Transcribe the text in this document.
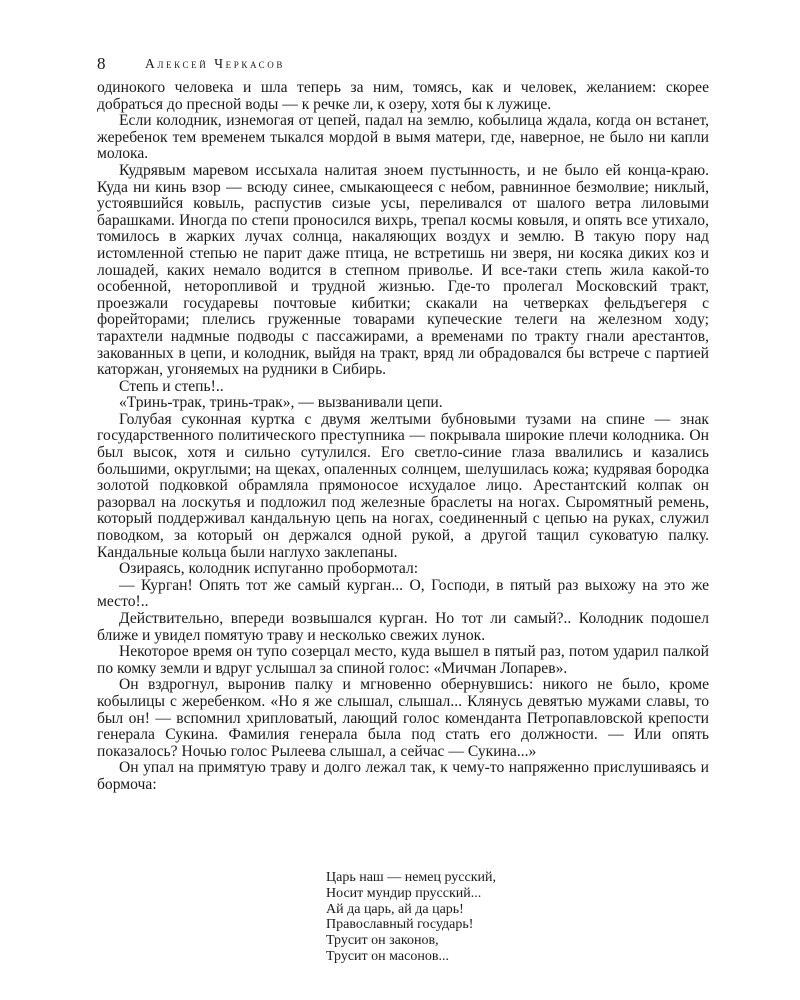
8	Алексей Черкасов

одинокого человека и шла теперь за ним, томясь, как и человек, желанием: скорее добраться до пресной воды — к речке ли, к озеру, хотя бы к лужице.

Если колодник, изнемогая от цепей, падал на землю, кобылица ждала, когда он встанет, жеребенок тем временем тыкался мордой в вымя матери, где, наверное, не было ни капли молока.

Кудрявым маревом иссыхала налитая зноем пустынность, и не было ей конца-краю. Куда ни кинь взор — всюду синее, смыкающееся с небом, равнинное безмолвие; никлый, устоявшийся ковыль, распустив сизые усы, переливался от шалого ветра лиловыми барашками. Иногда по степи проносился вихрь, трепал космы ковыля, и опять все утихало, томилось в жарких лучах солнца, накаляющих воздух и землю. В такую пору над истомленной степью не парит даже птица, не встретишь ни зверя, ни косяка диких коз и лошадей, каких немало водится в степном приволье. И все-таки степь жила какой-то особенной, неторопливой и трудной жизнью. Где-то пролегал Московский тракт, проезжали государевы почтовые кибитки; скакали на четверках фельдъегеря с форейторами; плелись груженные товарами купеческие телеги на железном ходу; тарахтели надмные подводы с пассажирами, а временами по тракту гнали арестантов, закованных в цепи, и колодник, выйдя на тракт, вряд ли обрадовался бы встрече с партией каторжан, угоняемых на рудники в Сибирь.

Степь и степь!..

«Тринь-трак, тринь-трак», — вызванивали цепи.

Голубая суконная куртка с двумя желтыми бубновыми тузами на спине — знак государственного политического преступника — покрывала широкие плечи колодника. Он был высок, хотя и сильно сутулился. Его светло-синие глаза ввалились и казались большими, округлыми; на щеках, опаленных солнцем, шелушилась кожа; кудрявая бородка золотой подковкой обрамляла прямоносое исхудалое лицо. Арестантский колпак он разорвал на лоскутья и подложил под железные браслеты на ногах. Сыромятный ремень, который поддерживал кандальную цепь на ногах, соединенный с цепью на руках, служил поводком, за который он держался одной рукой, а другой тащил суковатую палку. Кандальные кольца были наглухо заклепаны.

Озираясь, колодник испуганно пробормотал:

— Курган! Опять тот же самый курган... О, Господи, в пятый раз выхожу на это же место!..

Действительно, впереди возвышался курган. Но тот ли самый?.. Колодник подошел ближе и увидел помятую траву и несколько свежих лунок.

Некоторое время он тупо созерцал место, куда вышел в пятый раз, потом ударил палкой по комку земли и вдруг услышал за спиной голос: «Мичман Лопарев».

Он вздрогнул, выронив палку и мгновенно обернувшись: никого не было, кроме кобылицы с жеребенком. «Но я же слышал, слышал... Клянусь девятью мужами славы, то был он! — вспомнил хрипловатый, лающий голос коменданта Петропавловской крепости генерала Сукина. Фамилия генерала была под стать его должности. — Или опять показалось? Ночью голос Рылеева слышал, а сейчас — Сукина...»

Он упал на примятую траву и долго лежал так, к чему-то напряженно прислушиваясь и бормоча:

Царь наш — немец русский,
Носит мундир прусский...
Ай да царь, ай да царь!
Православный государь!
Трусит он законов,
Трусит он масонов...
